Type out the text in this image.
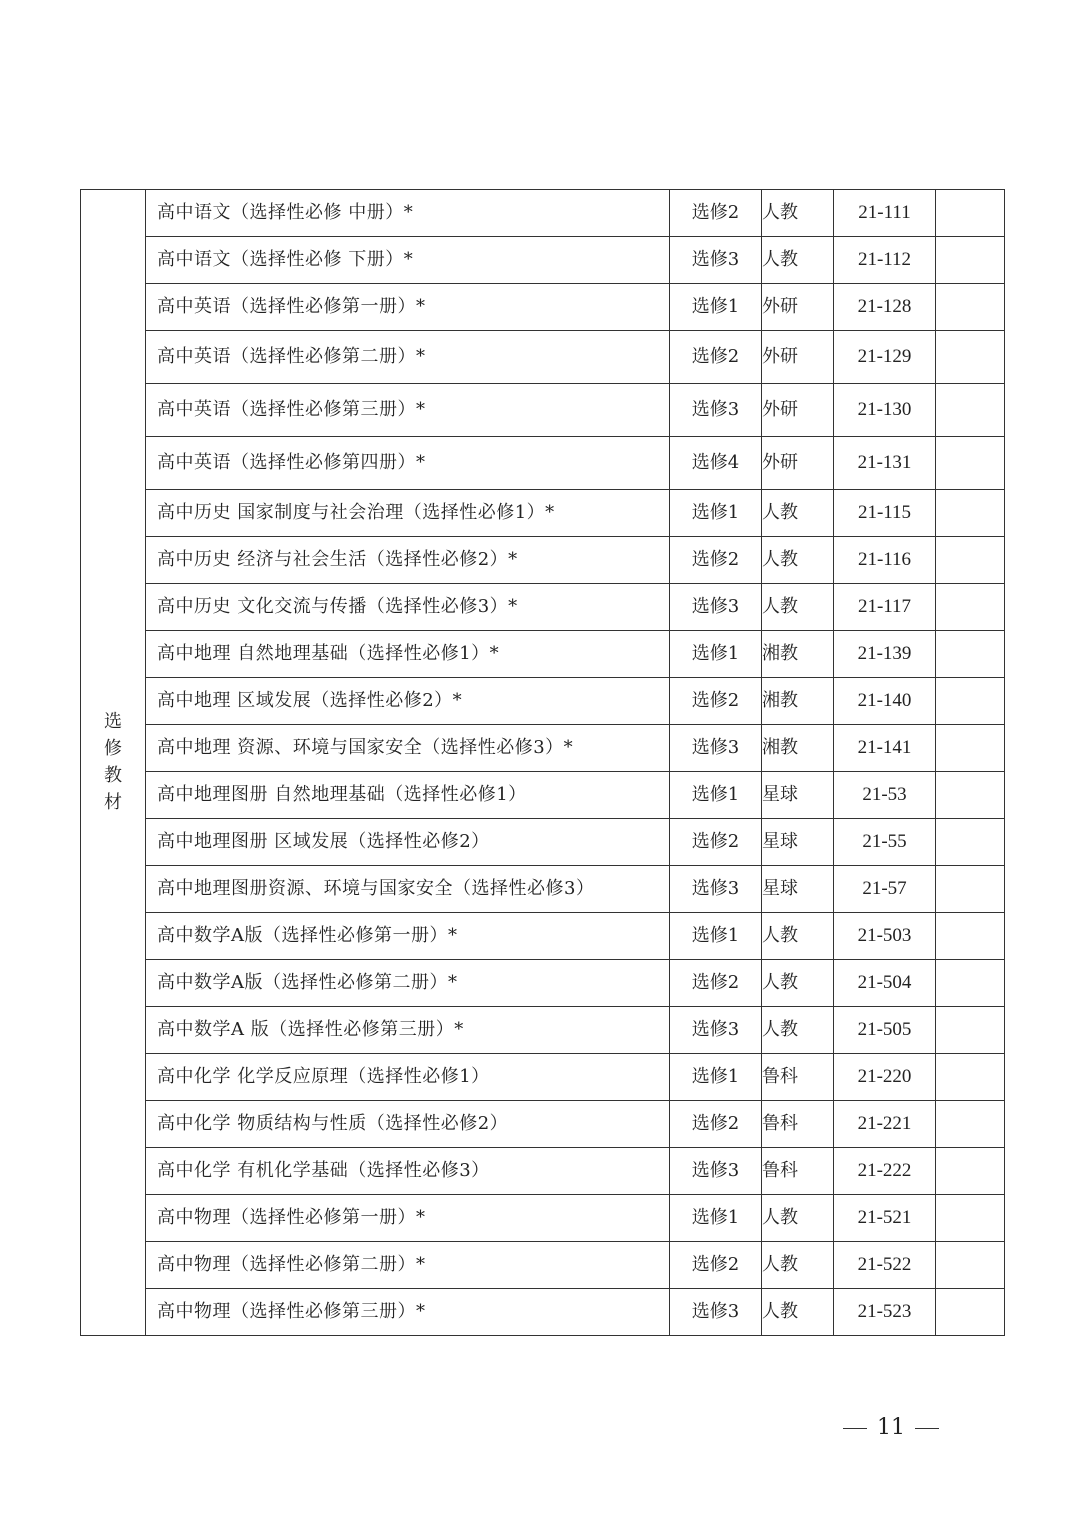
选
修
教
材	高中语文（选择性必修 中册）*	选修2	人教	21-111	
	高中语文（选择性必修 下册）*	选修3	人教	21-112	
	高中英语（选择性必修第一册）*	选修1	外研	21-128	
	高中英语（选择性必修第二册）*	选修2	外研	21-129	
	高中英语（选择性必修第三册）*	选修3	外研	21-130	
	高中英语（选择性必修第四册）*	选修4	外研	21-131	
	高中历史 国家制度与社会治理（选择性必修1）*	选修1	人教	21-115	
	高中历史 经济与社会生活（选择性必修2）*	选修2	人教	21-116	
	高中历史 文化交流与传播（选择性必修3）*	选修3	人教	21-117	
	高中地理 自然地理基础（选择性必修1）*	选修1	湘教	21-139	
	高中地理 区域发展（选择性必修2）*	选修2	湘教	21-140	
	高中地理 资源、环境与国家安全（选择性必修3）*	选修3	湘教	21-141	
	高中地理图册 自然地理基础（选择性必修1）	选修1	星球	21-53	
	高中地理图册 区域发展（选择性必修2）	选修2	星球	21-55	
	高中地理图册资源、环境与国家安全（选择性必修3）	选修3	星球	21-57	
	高中数学A版（选择性必修第一册）*	选修1	人教	21-503	
	高中数学A版（选择性必修第二册）*	选修2	人教	21-504	
	高中数学A 版（选择性必修第三册）*	选修3	人教	21-505	
	高中化学 化学反应原理（选择性必修1）	选修1	鲁科	21-220	
	高中化学 物质结构与性质（选择性必修2）	选修2	鲁科	21-221	
	高中化学 有机化学基础（选择性必修3）	选修3	鲁科	21-222	
	高中物理（选择性必修第一册）*	选修1	人教	21-521	
	高中物理（选择性必修第二册）*	选修2	人教	21-522	
	高中物理（选择性必修第三册）*	选修3	人教	21-523	
11
